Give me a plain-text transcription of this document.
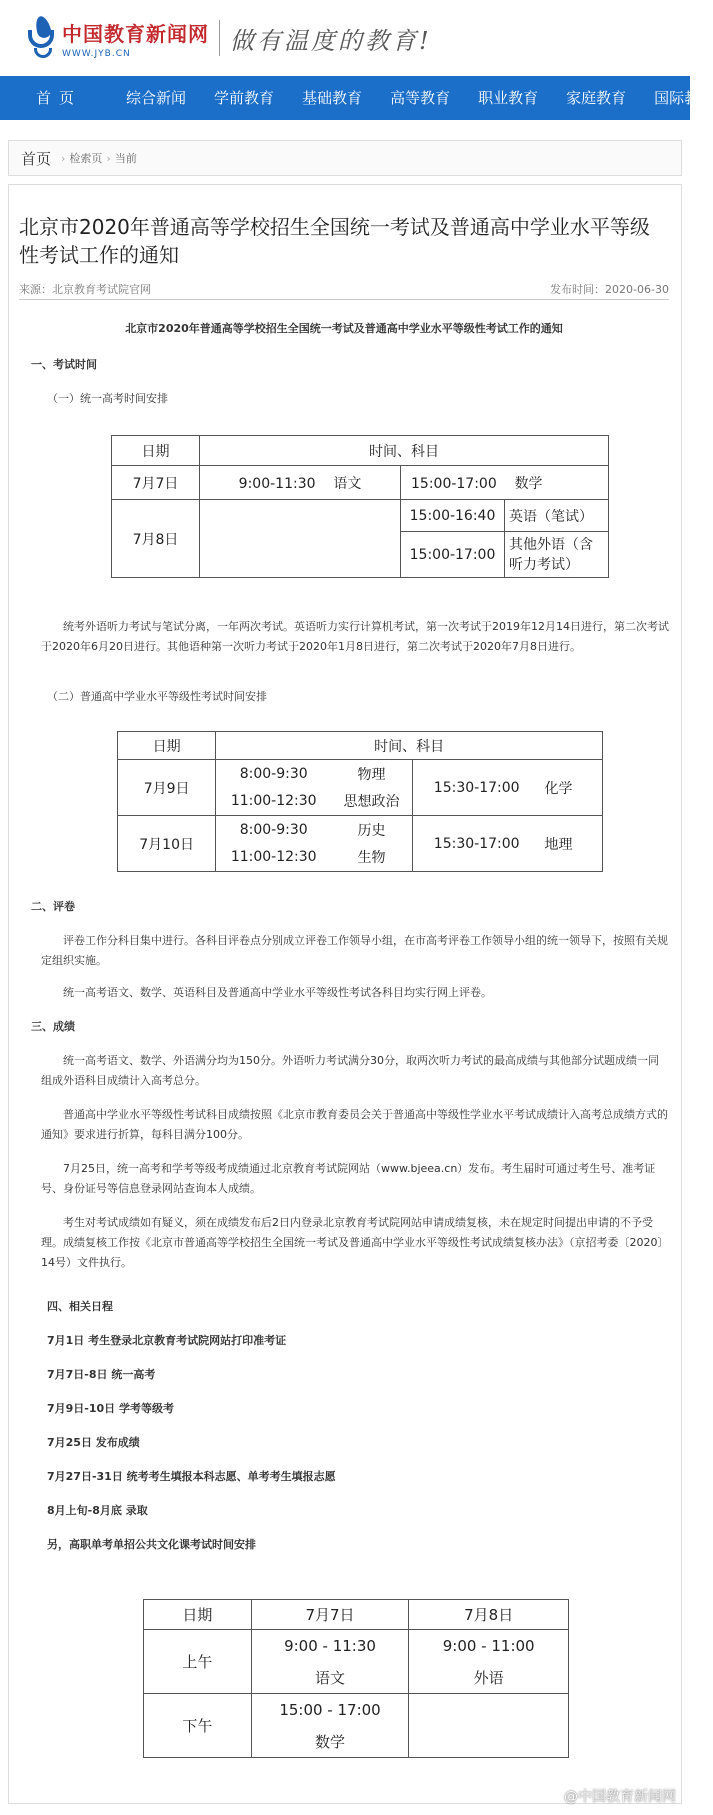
中国教育新闻网
WWW.JYB.CN	做有温度的教育!
首页	综合新闻	学前教育	基础教育	高等教育	职业教育	家庭教育	国际教
首页 › 检索页 › 当前
北京市2020年普通高等学校招生全国统一考试及普通高中学业水平等级性考试工作的通知
来源：北京教育考试院官网	发布时间：2020-06-30
北京市2020年普通高等学校招生全国统一考试及普通高中学业水平等级性考试工作的通知
一、考试时间
（一）统一高考时间安排
日期	时间、科目		
7月7日	9:00-11:30 语文	15:00-17:00 数学	
7月8日		15:00-16:40	英语（笔试）
		15:00-17:00	其他外语（含听力考试）
统考外语听力考试与笔试分离，一年两次考试。英语听力实行计算机考试，第一次考试于2019年12月14日进行，第二次考试于2020年6月20日进行。其他语种第一次听力考试于2020年1月8日进行，第二次考试于2020年7月8日进行。
（二）普通高中学业水平等级性考试时间安排
日期	时间、科目			
7月9日	8:00-9:30	物理	15:30-17:00	化学
	11:00-12:30	思想政治		
7月10日	8:00-9:30	历史	15:30-17:00	地理
	11:00-12:30	生物		
二、评卷
评卷工作分科目集中进行。各科目评卷点分别成立评卷工作领导小组，在市高考评卷工作领导小组的统一领导下，按照有关规定组织实施。
统一高考语文、数学、英语科目及普通高中学业水平等级性考试各科目均实行网上评卷。
三、成绩
统一高考语文、数学、外语满分均为150分。外语听力考试满分30分，取两次听力考试的最高成绩与其他部分试题成绩一同组成外语科目成绩计入高考总分。
普通高中学业水平等级性考试科目成绩按照《北京市教育委员会关于普通高中等级性学业水平考试成绩计入高考总成绩方式的通知》要求进行折算，每科目满分100分。
7月25日，统一高考和学考等级考成绩通过北京教育考试院网站（www.bjeea.cn）发布。考生届时可通过考生号、准考证号、身份证号等信息登录网站查询本人成绩。
考生对考试成绩如有疑义，须在成绩发布后2日内登录北京教育考试院网站申请成绩复核，未在规定时间提出申请的不予受理。成绩复核工作按《北京市普通高等学校招生全国统一考试及普通高中学业水平等级性考试成绩复核办法》（京招考委〔2020〕14号）文件执行。
四、相关日程
7月1日 考生登录北京教育考试院网站打印准考证
7月7日-8日 统一高考
7月9日-10日 学考等级考
7月25日 发布成绩
7月27日-31日 统考考生填报本科志愿、单考考生填报志愿
8月上旬-8月底 录取
另，高职单考单招公共文化课考试时间安排
日期	7月7日	7月8日
上午	9:00 - 11:30	9:00 - 11:00
	语文	外语
下午	15:00 - 17:00	
	数学	
@中国教育新闻网
